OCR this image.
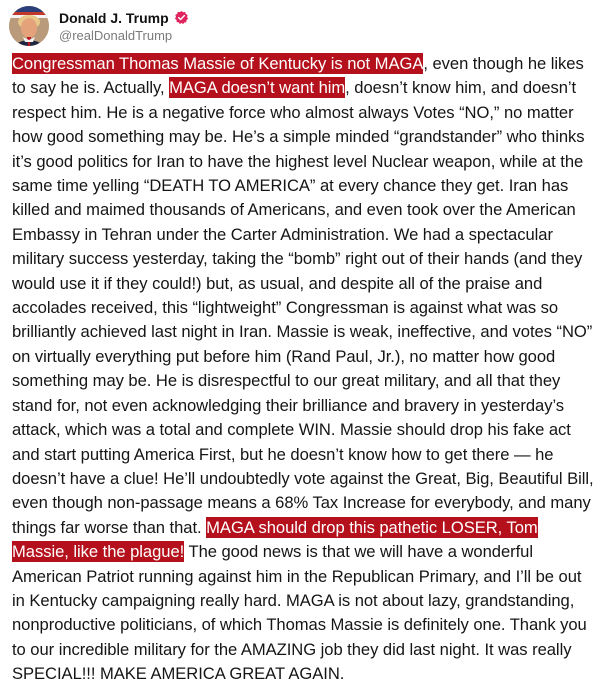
Donald J. Trump
@realDonaldTrump

Congressman Thomas Massie of Kentucky is not MAGA, even though he likes to say he is. Actually, MAGA doesn’t want him, doesn’t know him, and doesn’t respect him. He is a negative force who almost always Votes “NO,” no matter how good something may be. He’s a simple minded “grandstander” who thinks it’s good politics for Iran to have the highest level Nuclear weapon, while at the same time yelling “DEATH TO AMERICA” at every chance they get. Iran has killed and maimed thousands of Americans, and even took over the American Embassy in Tehran under the Carter Administration. We had a spectacular military success yesterday, taking the “bomb” right out of their hands (and they would use it if they could!) but, as usual, and despite all of the praise and accolades received, this “lightweight” Congressman is against what was so brilliantly achieved last night in Iran. Massie is weak, ineffective, and votes “NO” on virtually everything put before him (Rand Paul, Jr.), no matter how good something may be. He is disrespectful to our great military, and all that they stand for, not even acknowledging their brilliance and bravery in yesterday’s attack, which was a total and complete WIN. Massie should drop his fake act and start putting America First, but he doesn’t know how to get there — he doesn’t have a clue! He’ll undoubtedly vote against the Great, Big, Beautiful Bill, even though non-passage means a 68% Tax Increase for everybody, and many things far worse than that. MAGA should drop this pathetic LOSER, Tom Massie, like the plague! The good news is that we will have a wonderful American Patriot running against him in the Republican Primary, and I’ll be out in Kentucky campaigning really hard. MAGA is not about lazy, grandstanding, nonproductive politicians, of which Thomas Massie is definitely one. Thank you to our incredible military for the AMAZING job they did last night. It was really SPECIAL!!! MAKE AMERICA GREAT AGAIN.
